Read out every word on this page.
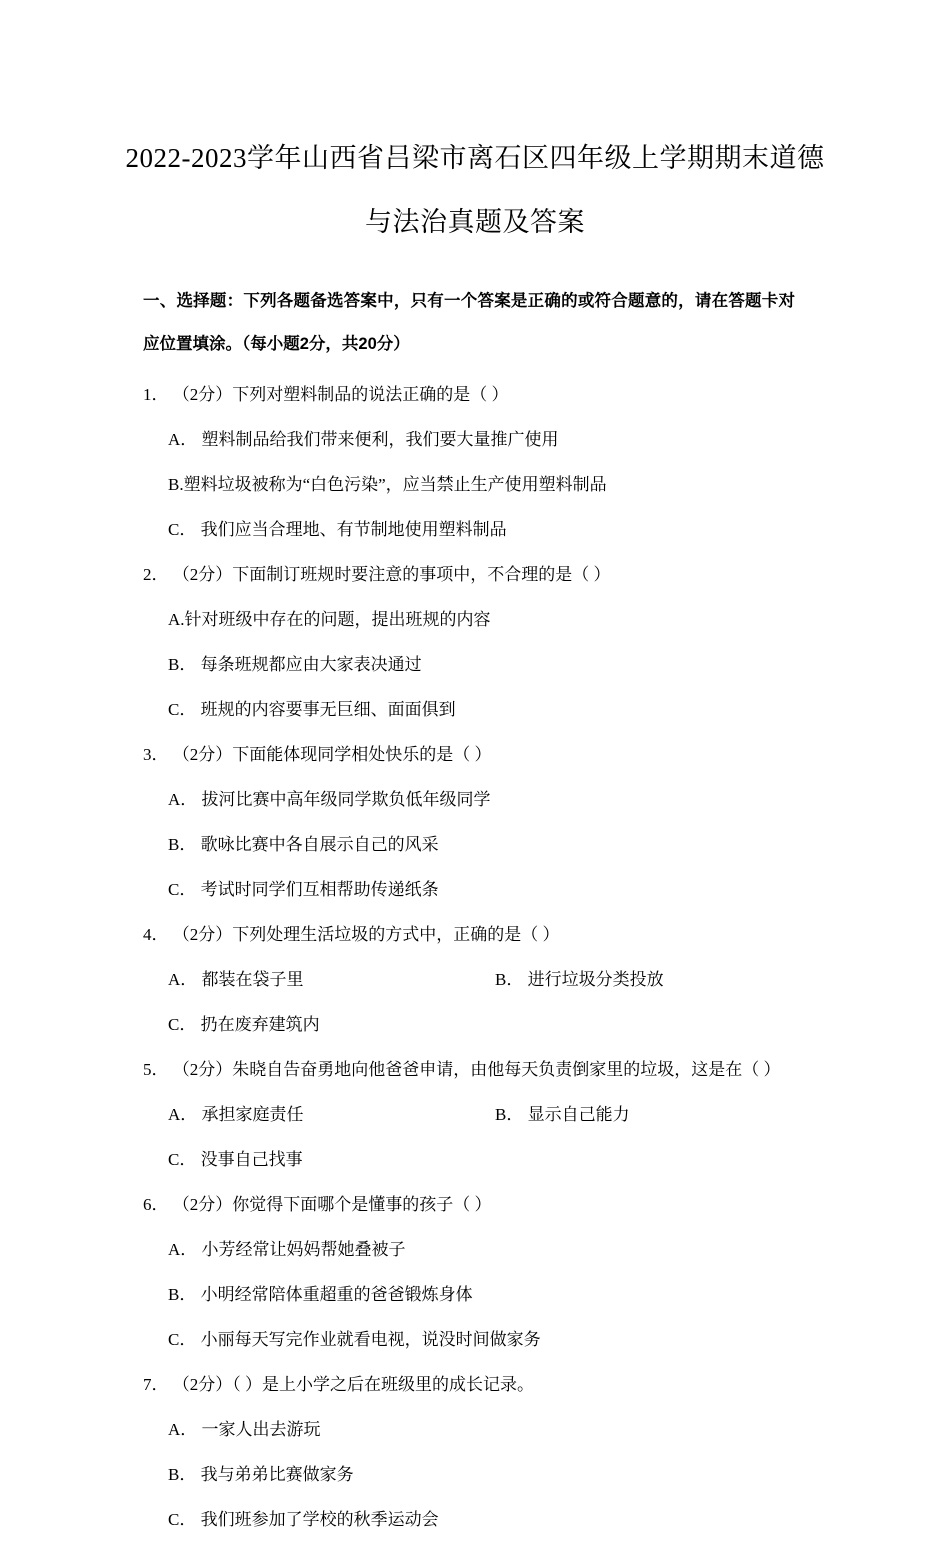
2022-2023学年山西省吕梁市离石区四年级上学期期末道德
与法治真题及答案

一、选择题：下列各题备选答案中，只有一个答案是正确的或符合题意的，请在答题卡对应位置填涂。（每小题2分，共20分）

1． （2分）下列对塑料制品的说法正确的是（ ）
A． 塑料制品给我们带来便利，我们要大量推广使用
B.塑料垃圾被称为“白色污染”，应当禁止生产使用塑料制品
C． 我们应当合理地、有节制地使用塑料制品
2． （2分）下面制订班规时要注意的事项中，不合理的是（ ）
A.针对班级中存在的问题，提出班规的内容
B． 每条班规都应由大家表决通过
C． 班规的内容要事无巨细、面面俱到
3． （2分）下面能体现同学相处快乐的是（ ）
A． 拔河比赛中高年级同学欺负低年级同学
B． 歌咏比赛中各自展示自己的风采
C． 考试时同学们互相帮助传递纸条
4． （2分）下列处理生活垃圾的方式中，正确的是（ ）
A． 都装在袋子里	B． 进行垃圾分类投放
C． 扔在废弃建筑内
5． （2分）朱晓自告奋勇地向他爸爸申请，由他每天负责倒家里的垃圾，这是在（ ）
A． 承担家庭责任	B． 显示自己能力
C． 没事自己找事
6． （2分）你觉得下面哪个是懂事的孩子（ ）
A． 小芳经常让妈妈帮她叠被子
B． 小明经常陪体重超重的爸爸锻炼身体
C． 小丽每天写完作业就看电视，说没时间做家务
7． （2分）（ ）是上小学之后在班级里的成长记录。
A． 一家人出去游玩
B． 我与弟弟比赛做家务
C． 我们班参加了学校的秋季运动会
